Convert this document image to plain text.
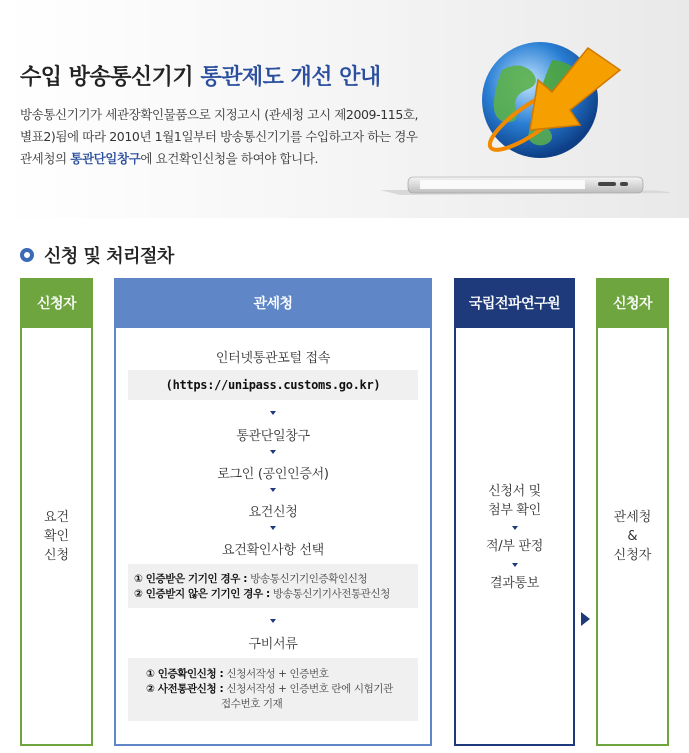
수입 방송통신기기 통관제도 개선 안내
방송통신기기가 세관장확인물품으로 지정고시 (관세청 고시 제2009-115호,
별표2)됨에 따라 2010년 1월1일부터 방송통신기기를 수입하고자 하는 경우
관세청의 통관단일창구에 요건확인신청을 하여야 합니다.
신청 및 처리절차
신청자
요건
확인
신청
관세청
인터넷통관포털 접속
(https://unipass.customs.go.kr)
통관단일창구
로그인 (공인인증서)
요건신청
요건확인사항 선택
① 인증받은 기기인 경우 : 방송통신기기인증확인신청
② 인증받지 않은 기기인 경우 : 방송통신기기사전통관신청
구비서류
① 인증확인신청 : 신청서작성 + 인증번호
② 사전통관신청 : 신청서작성 + 인증번호 란에 시험기관
접수번호 기재
국립전파연구원
신청서 및
첨부 확인
적/부 판정
결과통보
신청자
관세청
&
신청자
